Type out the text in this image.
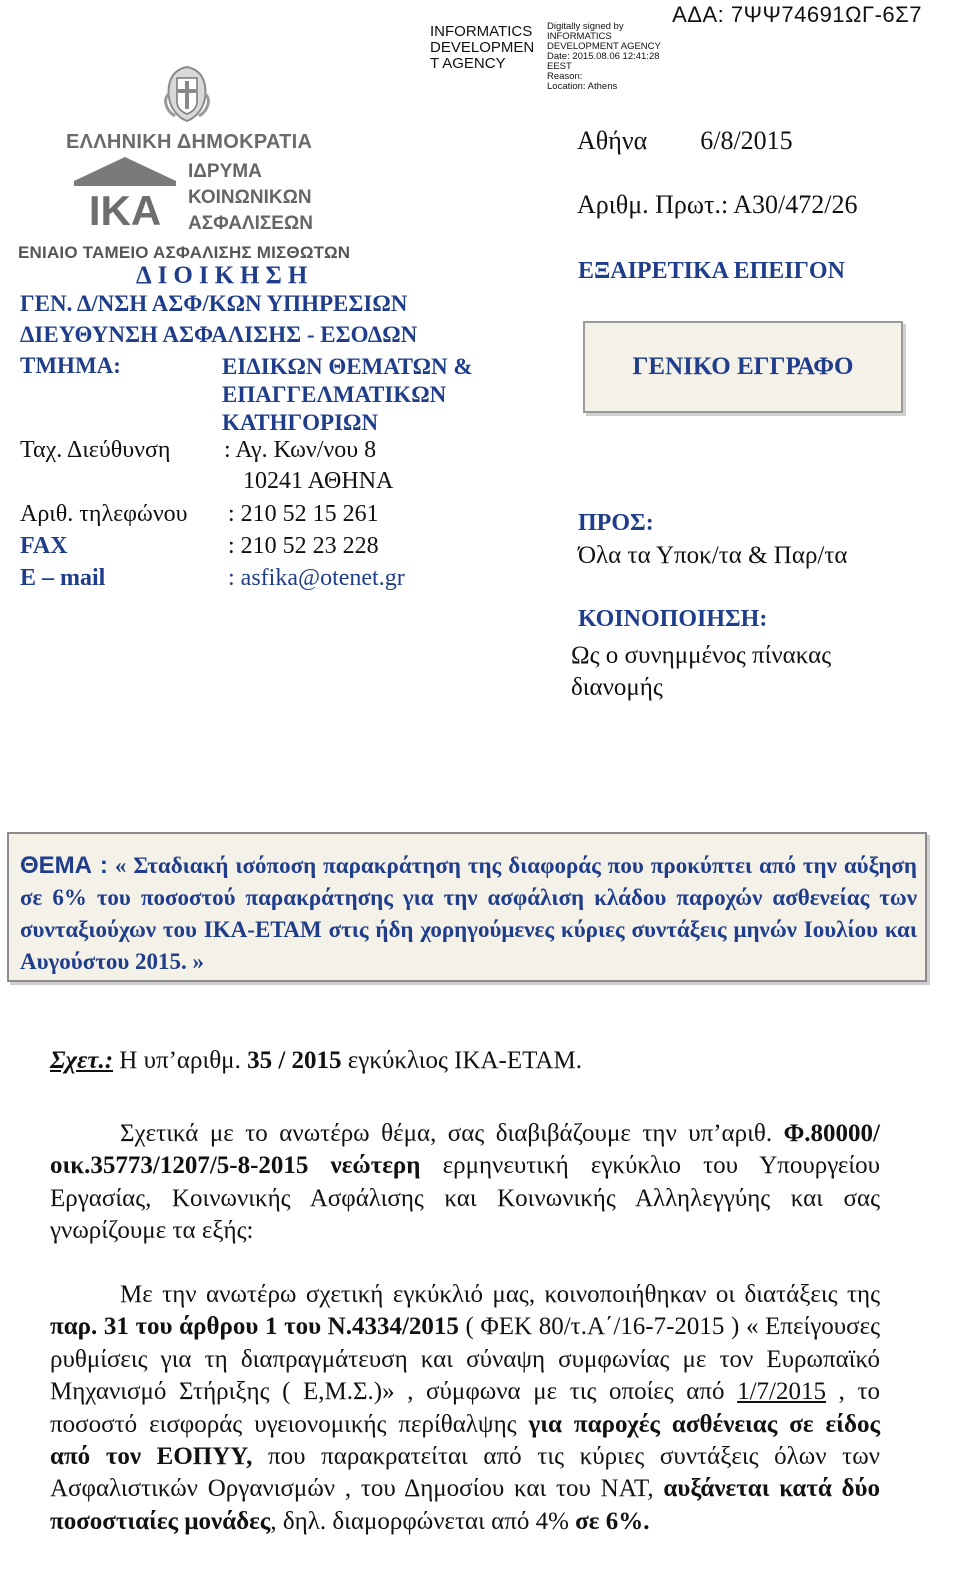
ΑΔΑ: 7ΨΨ74691ΩΓ-6Σ7
INFORMATICS
DEVELOPMEN
T AGENCY
Digitally signed by
INFORMATICS
DEVELOPMENT AGENCY
Date: 2015.08.06 12:41:28
EEST
Reason:
Location: Athens
ΕΛΛΗΝΙΚΗ ΔΗΜΟΚΡΑΤΙΑ
ΙΚΑ
ΙΔΡΥΜΑ
ΚΟΙΝΩΝΙΚΩΝ
ΑΣΦΑΛΙΣΕΩΝ
ΕΝΙΑΙΟ ΤΑΜΕΙΟ ΑΣΦΑΛΙΣΗΣ ΜΙΣΘΩΤΩΝ
ΔΙΟΙΚΗΣΗ
ΓΕΝ. Δ/ΝΣΗ ΑΣΦ/ΚΩΝ ΥΠΗΡΕΣΙΩΝ
ΔΙΕΥΘΥΝΣΗ ΑΣΦΑΛΙΣΗΣ - ΕΣΟΔΩΝ
ΤΜΗΜΑ:	ΕΙΔΙΚΩΝ ΘΕΜΑΤΩΝ &
ΕΠΑΓΓΕΛΜΑΤΙΚΩΝ
ΚΑΤΗΓΟΡΙΩΝ
Ταχ. Διεύθυνση : Αγ. Κων/νου 8
10241 ΑΘΗΝΑ
Αριθ. τηλεφώνου : 210 52 15 261
FAX	: 210 52 23 228
E – mail	: asfika@otenet.gr
Αθήνα 6/8/2015
Αριθμ. Πρωτ.: Α30/472/26
ΕΞΑΙΡΕΤΙΚΑ ΕΠΕΙΓΟΝ
ΓΕΝΙΚΟ ΕΓΓΡΑΦΟ
ΠΡΟΣ:
Όλα τα Υποκ/τα & Παρ/τα
ΚΟΙΝΟΠΟΙΗΣΗ:
Ως ο συνημμένος πίνακας διανομής
ΘΕΜΑ : « Σταδιακή ισόποση παρακράτηση της διαφοράς που προκύπτει από την αύξηση σε 6% του ποσοστού παρακράτησης για την ασφάλιση κλάδου παροχών ασθενείας των συνταξιούχων του ΙΚΑ-ΕΤΑΜ στις ήδη χορηγούμενες κύριες συντάξεις μηνών Ιουλίου και Αυγούστου 2015. »
Σχετ.: Η υπ’αριθμ. 35 / 2015 εγκύκλιος ΙΚΑ-ΕΤΑΜ.
Σχετικά με το ανωτέρω θέμα, σας διαβιβάζουμε την υπ’αριθ. Φ.80000/οικ.35773/1207/5-8-2015 νεώτερη ερμηνευτική εγκύκλιο του Υπουργείου Εργασίας, Κοινωνικής Ασφάλισης και Κοινωνικής Αλληλεγγύης και σας γνωρίζουμε τα εξής:
Με την ανωτέρω σχετική εγκύκλιό μας, κοινοποιήθηκαν οι διατάξεις της παρ. 31 του άρθρου 1 του Ν.4334/2015 ( ΦΕΚ 80/τ.Α΄/16-7-2015 ) « Επείγουσες ρυθμίσεις για τη διαπραγμάτευση και σύναψη συμφωνίας με τον Ευρωπαϊκό Μηχανισμό Στήριξης ( Ε,Μ.Σ.)» , σύμφωνα με τις οποίες από 1/7/2015 , το ποσοστό εισφοράς υγειονομικής περίθαλψης για παροχές ασθένειας σε είδος από τον ΕΟΠΥΥ, που παρακρατείται από τις κύριες συντάξεις όλων των Ασφαλιστικών Οργανισμών , του Δημοσίου και του ΝΑΤ, αυξάνεται κατά δύο ποσοστιαίες μονάδες, δηλ. διαμορφώνεται από 4% σε 6%.
